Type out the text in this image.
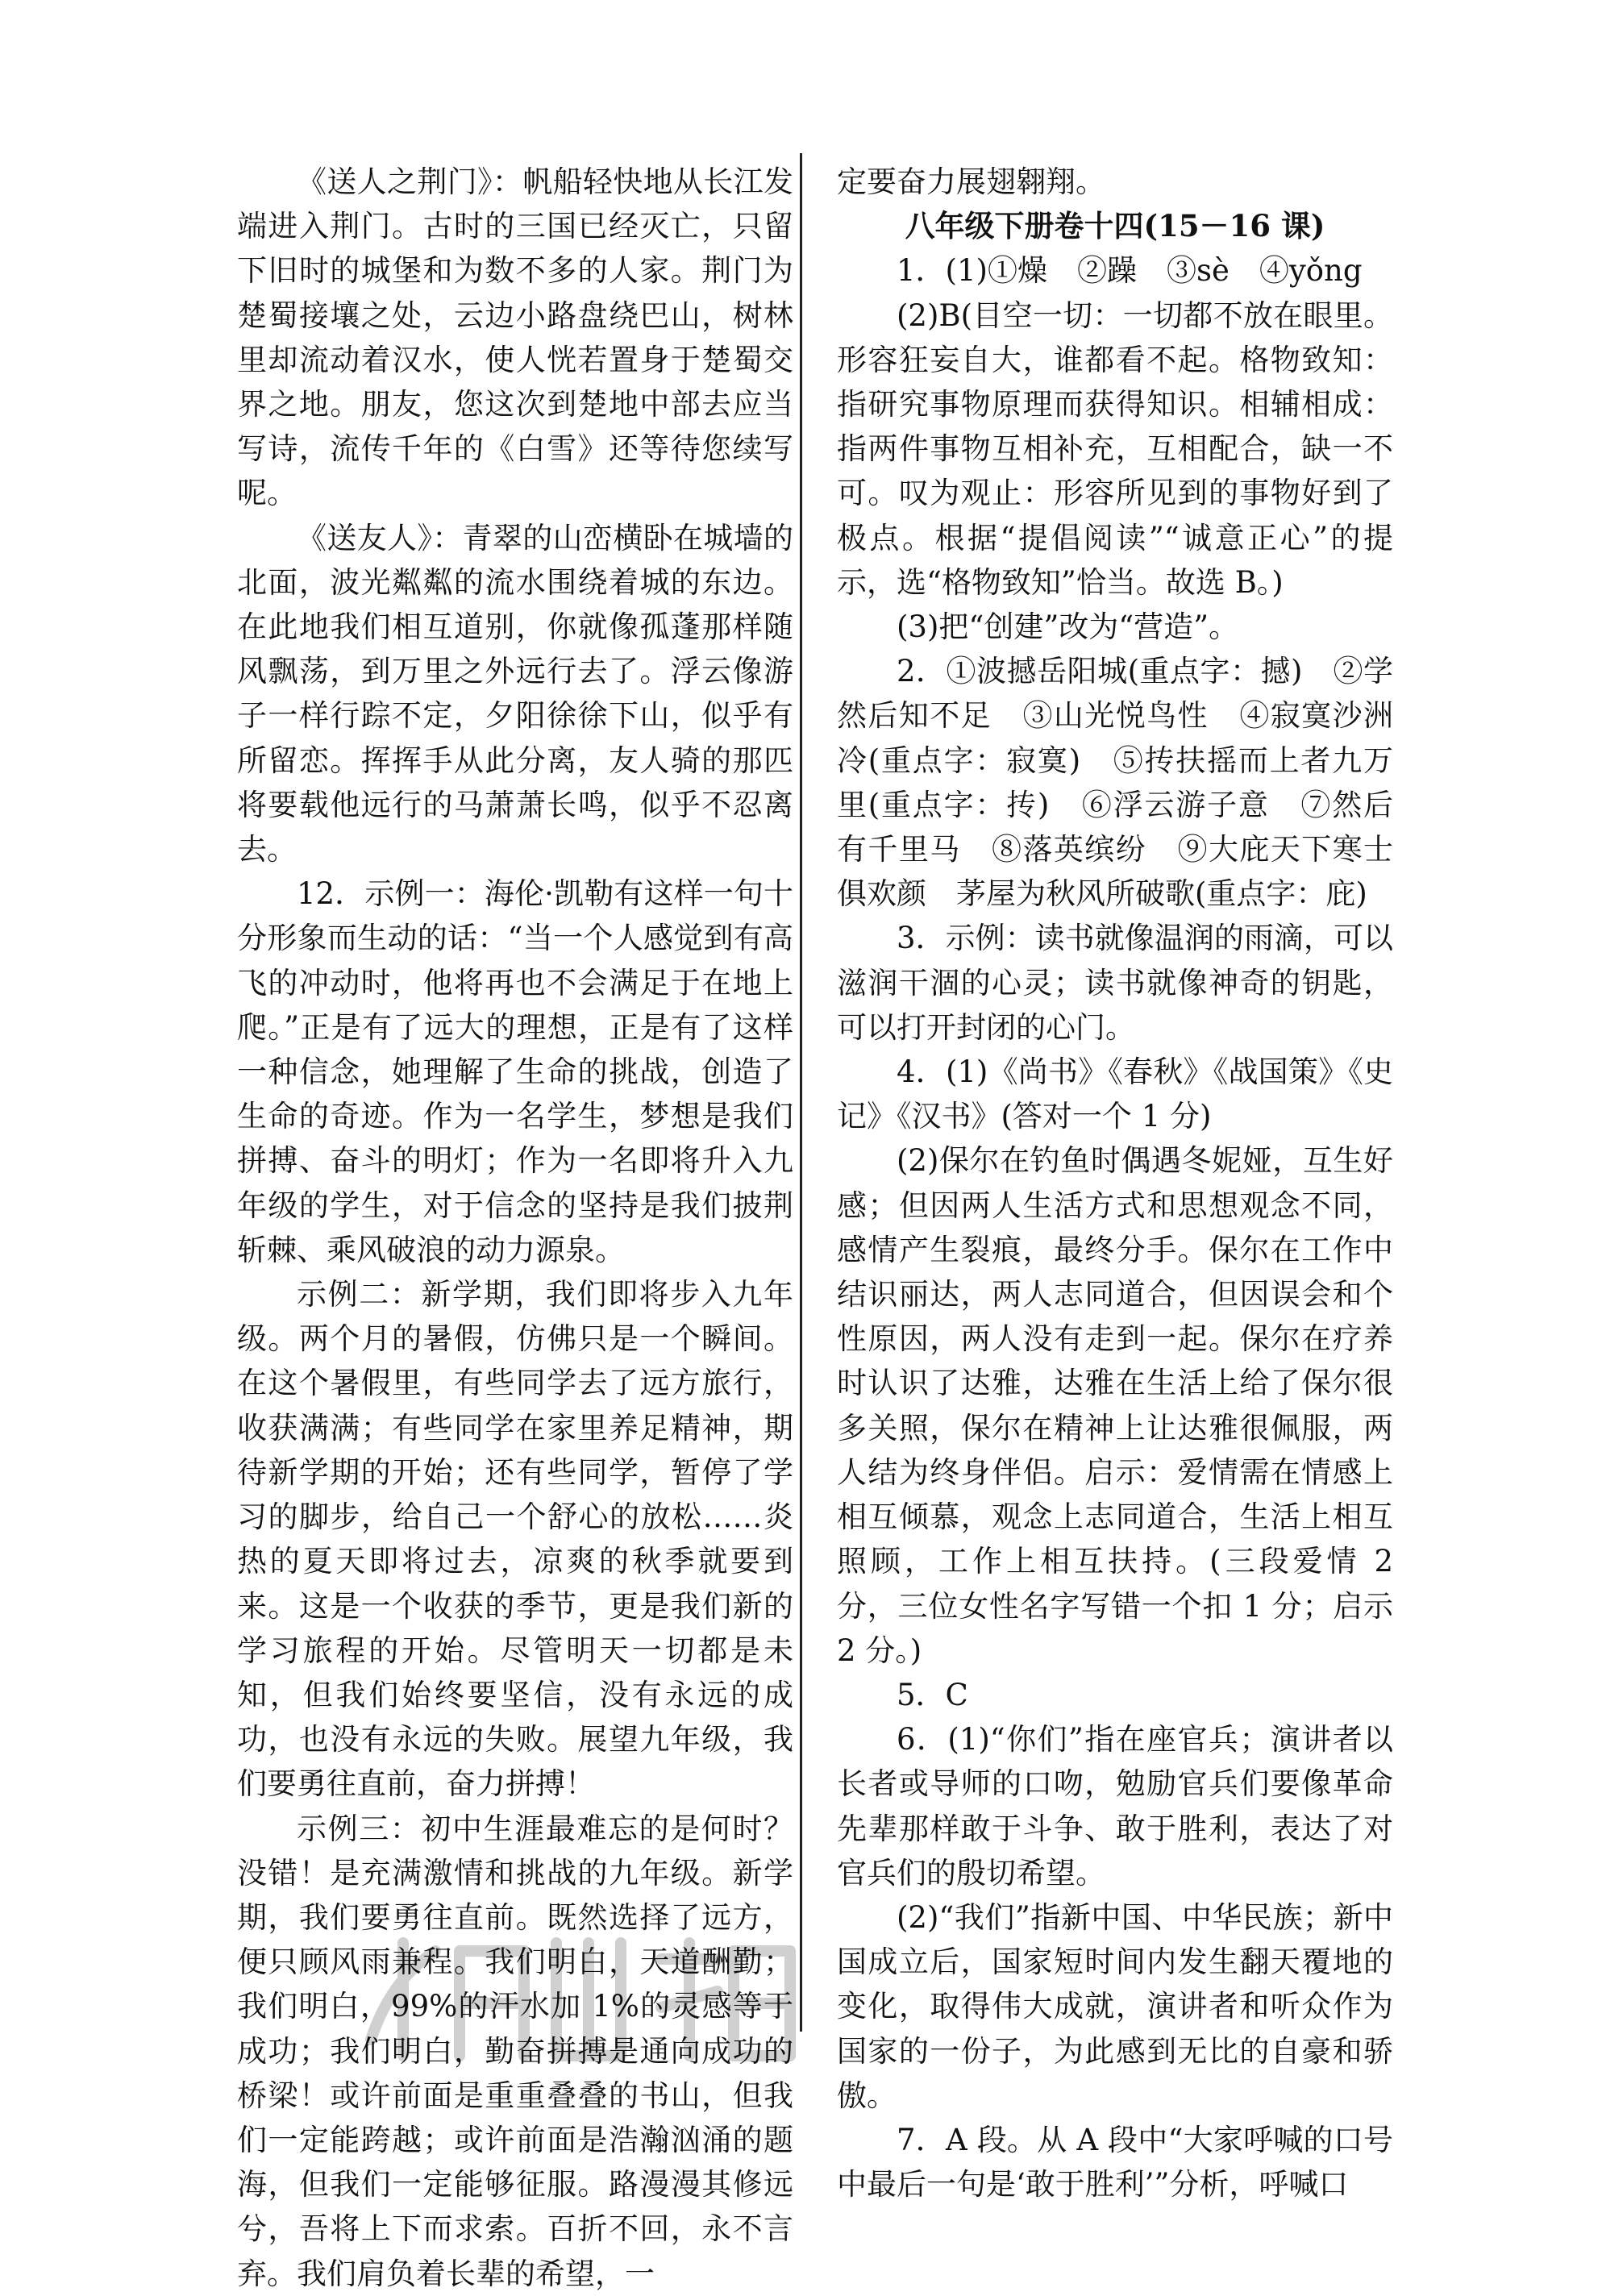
《送人之荆门》：帆船轻快地从长江发端进入荆门。古时的三国已经灭亡，只留下旧时的城堡和为数不多的人家。荆门为楚蜀接壤之处，云边小路盘绕巴山，树林里却流动着汉水，使人恍若置身于楚蜀交界之地。朋友，您这次到楚地中部去应当写诗，流传千年的《白雪》还等待您续写呢。

《送友人》：青翠的山峦横卧在城墙的北面，波光粼粼的流水围绕着城的东边。在此地我们相互道别，你就像孤蓬那样随风飘荡，到万里之外远行去了。浮云像游子一样行踪不定，夕阳徐徐下山，似乎有所留恋。挥挥手从此分离，友人骑的那匹将要载他远行的马萧萧长鸣，似乎不忍离去。

12．示例一：海伦·凯勒有这样一句十分形象而生动的话：“当一个人感觉到有高飞的冲动时，他将再也不会满足于在地上爬。”正是有了远大的理想，正是有了这样一种信念，她理解了生命的挑战，创造了生命的奇迹。作为一名学生，梦想是我们拼搏、奋斗的明灯；作为一名即将升入九年级的学生，对于信念的坚持是我们披荆斩棘、乘风破浪的动力源泉。

示例二：新学期，我们即将步入九年级。两个月的暑假，仿佛只是一个瞬间。在这个暑假里，有些同学去了远方旅行，收获满满；有些同学在家里养足精神，期待新学期的开始；还有些同学，暂停了学习的脚步，给自己一个舒心的放松……炎热的夏天即将过去，凉爽的秋季就要到来。这是一个收获的季节，更是我们新的学习旅程的开始。尽管明天一切都是未知，但我们始终要坚信，没有永远的成功，也没有永远的失败。展望九年级，我们要勇往直前，奋力拼搏！

示例三：初中生涯最难忘的是何时？没错！是充满激情和挑战的九年级。新学期，我们要勇往直前。既然选择了远方，便只顾风雨兼程。我们明白，天道酬勤；我们明白，99%的汗水加 1%的灵感等于成功；我们明白，勤奋拼搏是通向成功的桥梁！或许前面是重重叠叠的书山，但我们一定能跨越；或许前面是浩瀚汹涌的题海，但我们一定能够征服。路漫漫其修远兮，吾将上下而求索。百折不回，永不言弃。我们肩负着长辈的希望，一

定要奋力展翅翱翔。

八年级下册卷十四(15－16 课)

1．(1)①燥　②躁　③sè　④yǒng

(2)B(目空一切：一切都不放在眼里。形容狂妄自大，谁都看不起。格物致知：指研究事物原理而获得知识。相辅相成：指两件事物互相补充，互相配合，缺一不可。叹为观止：形容所见到的事物好到了极点。根据“提倡阅读”“诚意正心”的提示，选“格物致知”恰当。故选 B。)

(3)把“创建”改为“营造”。

2．①波撼岳阳城(重点字：撼)　②学然后知不足　③山光悦鸟性　④寂寞沙洲冷(重点字：寂寞)　⑤抟扶摇而上者九万里(重点字：抟)　⑥浮云游子意　⑦然后有千里马　⑧落英缤纷　⑨大庇天下寒士俱欢颜　茅屋为秋风所破歌(重点字：庇)

3．示例：读书就像温润的雨滴，可以滋润干涸的心灵；读书就像神奇的钥匙，可以打开封闭的心门。

4．(1)《尚书》《春秋》《战国策》《史记》《汉书》(答对一个 1 分)

(2)保尔在钓鱼时偶遇冬妮娅，互生好感；但因两人生活方式和思想观念不同，感情产生裂痕，最终分手。保尔在工作中结识丽达，两人志同道合，但因误会和个性原因，两人没有走到一起。保尔在疗养时认识了达雅，达雅在生活上给了保尔很多关照，保尔在精神上让达雅很佩服，两人结为终身伴侣。启示：爱情需在情感上相互倾慕，观念上志同道合，生活上相互照顾，工作上相互扶持。(三段爱情 2 分，三位女性名字写错一个扣 1 分；启示 2 分。)

5．C

6．(1)“你们”指在座官兵；演讲者以长者或导师的口吻，勉励官兵们要像革命先辈那样敢于斗争、敢于胜利，表达了对官兵们的殷切希望。

(2)“我们”指新中国、中华民族；新中国成立后，国家短时间内发生翻天覆地的变化，取得伟大成就，演讲者和听众作为国家的一份子，为此感到无比的自豪和骄傲。

7．A 段。从 A 段中“大家呼喊的口号中最后一句是‘敢于胜利’”分析，呼喊口
